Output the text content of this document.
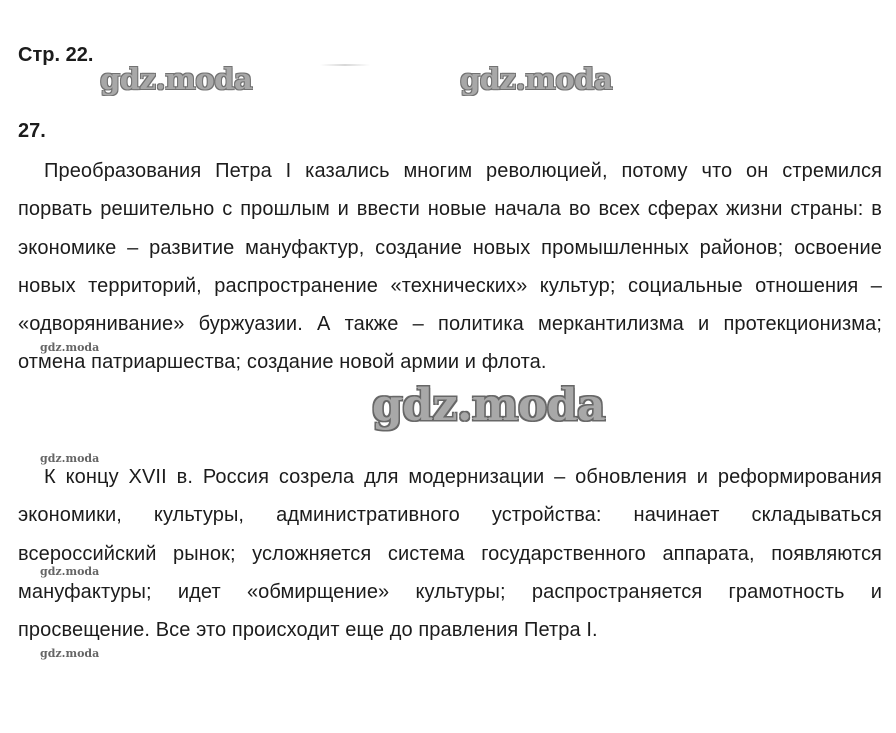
Стр. 22.
27.

Преобразования Петра I казались многим революцией, потому что он стремился порвать решительно с прошлым и ввести новые начала во всех сферах жизни страны: в экономике – развитие мануфактур, создание новых промышленных районов; освоение новых территорий, распространение «технических» культур; социальные отношения – «одворянивание» буржуазии. А также – политика меркантилизма и протекционизма; отмена патриаршества; создание новой армии и флота.

К концу XVII в. Россия созрела для модернизации – обновления и реформирования экономики, культуры, административного устройства: начинает складываться всероссийский рынок; усложняется система государственного аппарата, появляются мануфактуры; идет «обмирщение» культуры; распространяется грамотность и просвещение. Все это происходит еще до правления Петра I.

gdz.moda	gdz.moda
gdz.moda
gdz.moda
gdz.moda
gdz.moda
gdz.moda
